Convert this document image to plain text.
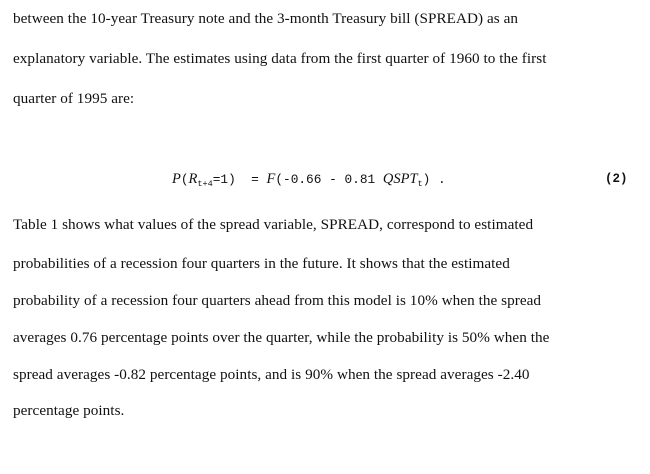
between the 10-year Treasury note and the 3-month Treasury bill (SPREAD) as an
explanatory variable. The estimates using data from the first quarter of 1960 to the first
quarter of 1995 are:
$P(R_{t+4}=1) = F(-0.66 - 0.81$ $QSPT_t$) .	(2)
Table 1 shows what values of the spread variable, SPREAD, correspond to estimated
probabilities of a recession four quarters in the future. It shows that the estimated
probability of a recession four quarters ahead from this model is 10% when the spread
averages 0.76 percentage points over the quarter, while the probability is 50% when the
spread averages -0.82 percentage points, and is 90% when the spread averages -2.40
percentage points.
